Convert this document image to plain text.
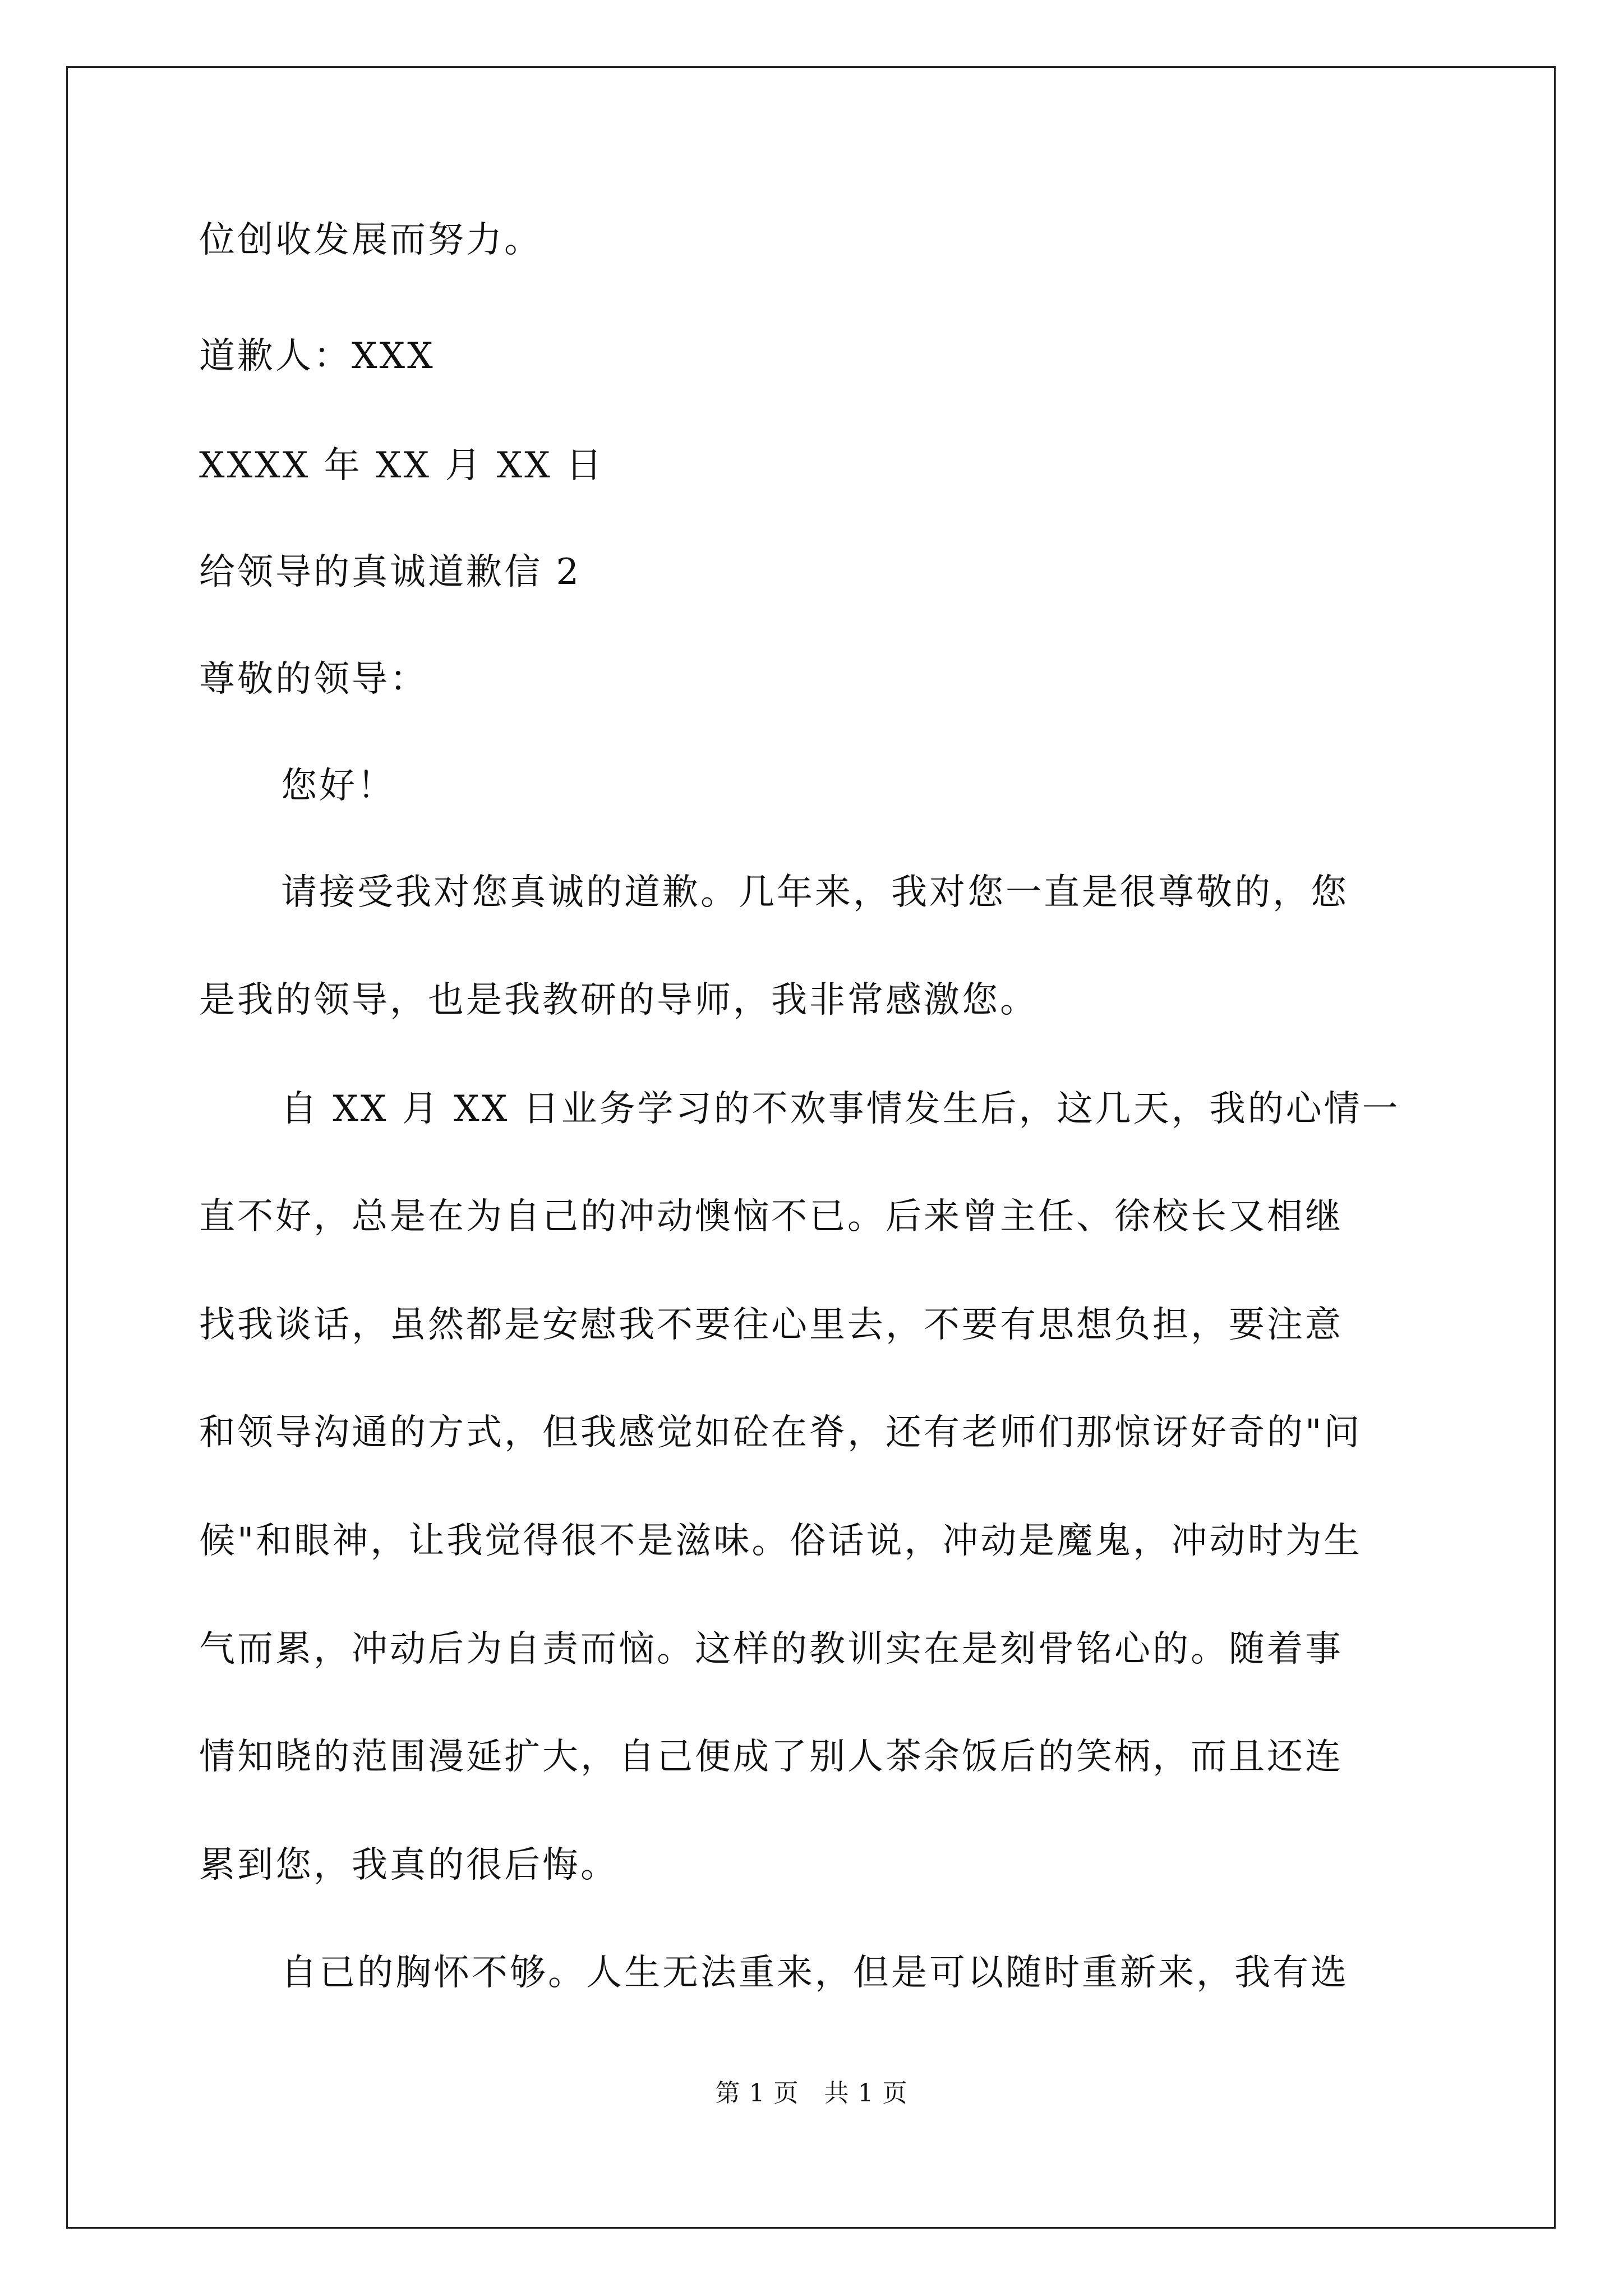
位创收发展而努力。
道歉人：XXX
XXXX 年 XX 月 XX 日
给领导的真诚道歉信 2
尊敬的领导：
您好！
请接受我对您真诚的道歉。几年来，我对您一直是很尊敬的，您
是我的领导，也是我教研的导师，我非常感激您。
自 XX 月 XX 日业务学习的不欢事情发生后，这几天，我的心情一
直不好，总是在为自己的冲动懊恼不已。后来曾主任、徐校长又相继
找我谈话，虽然都是安慰我不要往心里去，不要有思想负担，要注意
和领导沟通的方式，但我感觉如砼在脊，还有老师们那惊讶好奇的"问
候"和眼神，让我觉得很不是滋味。俗话说，冲动是魔鬼，冲动时为生
气而累，冲动后为自责而恼。这样的教训实在是刻骨铭心的。随着事
情知晓的范围漫延扩大，自己便成了别人茶余饭后的笑柄，而且还连
累到您，我真的很后悔。
自已的胸怀不够。人生无法重来，但是可以随时重新来，我有选
第 1 页　共 1 页
